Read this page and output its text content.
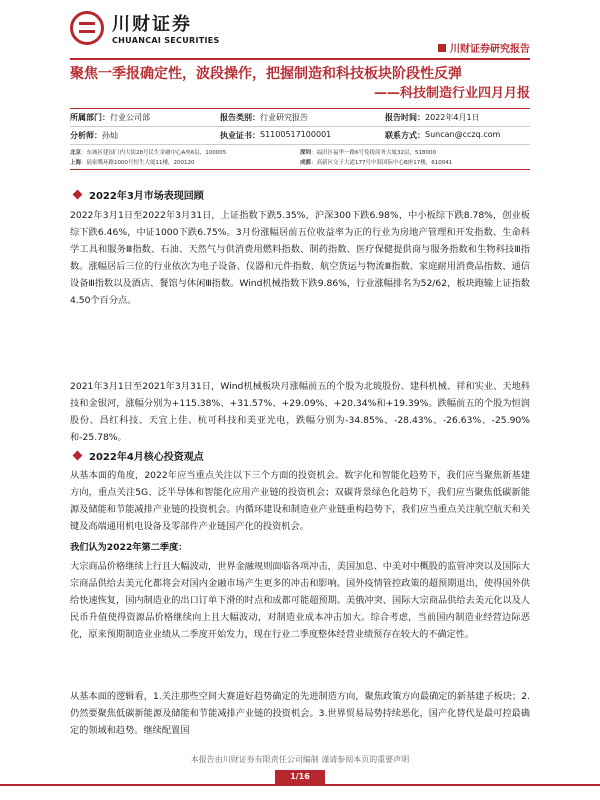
川财证券
CHUANCAI SECURITIES
川财证券研究报告
聚焦一季报确定性，波段操作，把握制造和科技板块阶段性反弹
——科技制造行业四月月报
所属部门： 行业公司部	报告类别： 行业研究报告	报告时间： 2022年4月1日
分析师： 孙灿	执业证书： S1100517100001	联系方式： Suncan@cczq.com
北京：东城区建国门内大街28号民生金融中心A座6层，100005	深圳：福田区福华一路6号免税商务大厦32层，518000
上海：陆家嘴环路1000号恒生大厦11楼，200120	成都：高新区交子大道177号中海国际中心B座17楼，610041
2022年3月市场表现回顾
2022年3月1日至2022年3月31日，上证指数下跌5.35%，沪深300下跌6.98%，中小板综下跌8.78%，创业板综下跌6.46%，中证1000下跌6.75%。3月份涨幅居前五位收益率为正的行业为房地产管理和开发指数、生命科学工具和服务Ⅲ指数、石油、天然气与供消费用燃料指数、制药指数、医疗保健提供商与服务指数和生物科技Ⅲ指数。涨幅居后三位的行业依次为电子设备、仪器和元件指数、航空货运与物流Ⅲ指数、家庭耐用消费品指数、通信设备Ⅲ指数以及酒店、餐馆与休闲Ⅲ指数。Wind机械指数下跌9.86%，行业涨幅排名为52/62，板块跑输上证指数4.50个百分点。
2021年3月1日至2021年3月31日，Wind机械板块月涨幅前五的个股为北玻股份、建科机械、祥和实业、天地科技和金银河，涨幅分别为+115.38%、+31.57%、+29.09%、+20.34%和+19.39%。跌幅前五的个股为恒润股份、昌红科技、天宜上佳、杭可科技和美亚光电，跌幅分别为-34.85%、-28.43%、-26.63%、-25.90%和-25.78%。
2022年4月核心投资观点
从基本面的角度，2022年应当重点关注以下三个方面的投资机会。数字化和智能化趋势下，我们应当聚焦新基建方向，重点关注5G、泛半导体和智能化应用产业链的投资机会；双碳背景绿色化趋势下，我们应当聚焦低碳新能源及储能和节能减排产业链的投资机会。内循环建设和制造业产业链重构趋势下，我们应当重点关注航空航天和关键及高端通用机电设备及零部件产业链国产化的投资机会。
我们认为2022年第二季度：
大宗商品价格继续上行且大幅波动，世界金融规则面临各项冲击，美国加息、中美对中概股的监管冲突以及国际大宗商品供给去美元化都将会对国内金融市场产生更多的冲击和影响。国外疫情管控政策的超预期退出，使得国外供给快速恢复，国内制造业的出口订单下滑的时点和成都可能超预期。美俄冲突、国际大宗商品供给去美元化以及人民币升值使得资源品价格继续向上且大幅波动，对制造业成本冲击加大。综合考虑，当前国内制造业经营边际恶化，原来预期制造业业绩从二季度开始发力，现在行业二季度整体经营业绩预存在较大的不确定性。
从基本面的逻辑看，1.关注那些空间大赛道好趋势确定的先进制造方向，聚焦政策方向最确定的新基建子板块；2. 仍然要聚焦低碳新能源及储能和节能减排产业链的投资机会。3.世界贸易局势持续恶化，国产化替代是最可控最确定的领域和趋势。继续配置国
本报告由川财证券有限责任公司编制 谨请参阅本页的重要声明
1/16
